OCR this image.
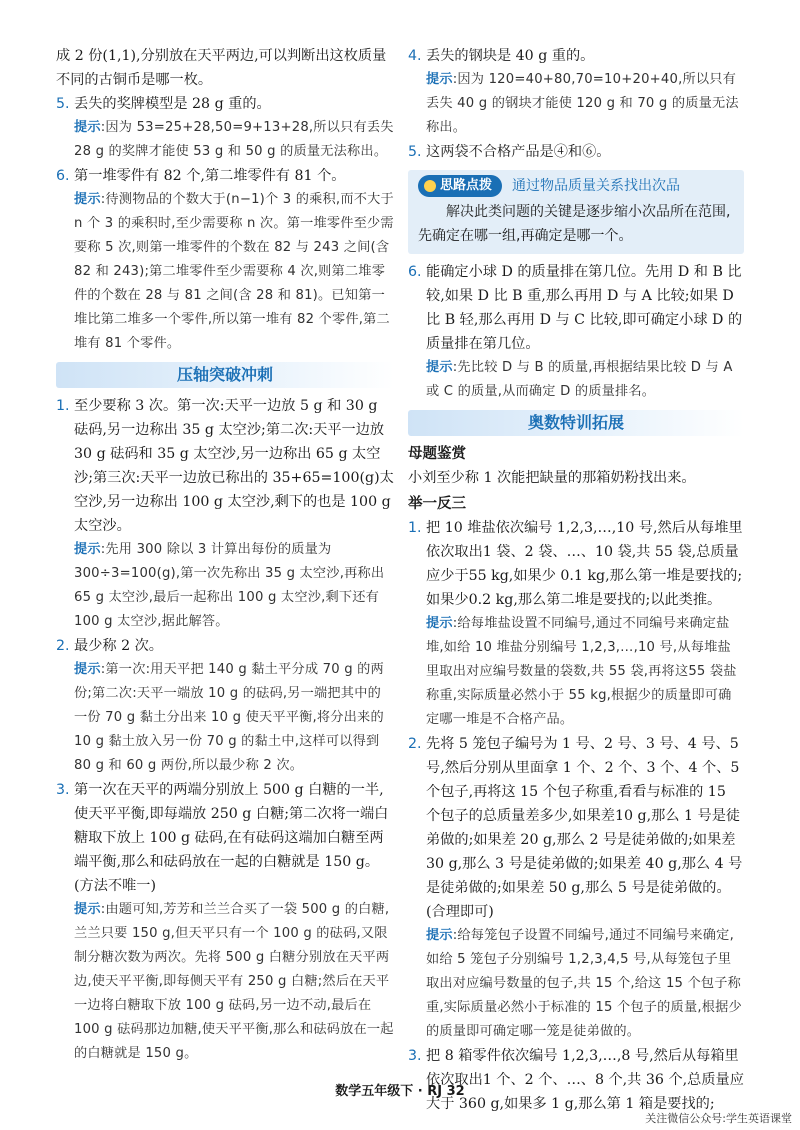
成 2 份(1,1),分别放在天平两边,可以判断出这枚质量不同的古铜币是哪一枚。

5. 丢失的奖牌模型是 28 g 重的。

提示:因为 53=25+28,50=9+13+28,所以只有丢失 28 g 的奖牌才能使 53 g 和 50 g 的质量无法称出。

6. 第一堆零件有 82 个,第二堆零件有 81 个。

提示:待测物品的个数大于(n−1)个 3 的乘积,而不大于 n 个 3 的乘积时,至少需要称 n 次。第一堆零件至少需要称 5 次,则第一堆零件的个数在 82 与 243 之间(含 82 和 243);第二堆零件至少需要称 4 次,则第二堆零件的个数在 28 与 81 之间(含 28 和 81)。已知第一堆比第二堆多一个零件,所以第一堆有 82 个零件,第二堆有 81 个零件。

压轴突破冲刺
1. 至少要称 3 次。第一次:天平一边放 5 g 和 30 g 砝码,另一边称出 35 g 太空沙;第二次:天平一边放 30 g 砝码和 35 g 太空沙,另一边称出 65 g 太空沙;第三次:天平一边放已称出的 35+65=100(g)太空沙,另一边称出 100 g 太空沙,剩下的也是 100 g 太空沙。

提示:先用 300 除以 3 计算出每份的质量为 300÷3=100(g),第一次先称出 35 g 太空沙,再称出 65 g 太空沙,最后一起称出 100 g 太空沙,剩下还有 100 g 太空沙,据此解答。

2. 最少称 2 次。

提示:第一次:用天平把 140 g 黏土平分成 70 g 的两份;第二次:天平一端放 10 g 的砝码,另一端把其中的一份 70 g 黏土分出来 10 g 使天平平衡,将分出来的 10 g 黏土放入另一份 70 g 的黏土中,这样可以得到 80 g 和 60 g 两份,所以最少称 2 次。

3. 第一次在天平的两端分别放上 500 g 白糖的一半,使天平平衡,即每端放 250 g 白糖;第二次将一端白糖取下放上 100 g 砝码,在有砝码这端加白糖至两端平衡,那么和砝码放在一起的白糖就是 150 g。(方法不唯一)

提示:由题可知,芳芳和兰兰合买了一袋 500 g 的白糖,兰兰只要 150 g,但天平只有一个 100 g 的砝码,又限制分糖次数为两次。先将 500 g 白糖分别放在天平两边,使天平平衡,即每侧天平有 250 g 白糖;然后在天平一边将白糖取下放 100 g 砝码,另一边不动,最后在 100 g 砝码那边加糖,使天平平衡,那么和砝码放在一起的白糖就是 150 g。

4. 丢失的钢块是 40 g 重的。

提示:因为 120=40+80,70=10+20+40,所以只有丢失 40 g 的钢块才能使 120 g 和 70 g 的质量无法称出。

5. 这两袋不合格产品是④和⑥。
思路点拨 通过物品质量关系找出次品
解决此类问题的关键是逐步缩小次品所在范围,先确定在哪一组,再确定是哪一个。
6. 能确定小球 D 的质量排在第几位。先用 D 和 B 比较,如果 D 比 B 重,那么再用 D 与 A 比较;如果 D 比 B 轻,那么再用 D 与 C 比较,即可确定小球 D 的质量排在第几位。

提示:先比较 D 与 B 的质量,再根据结果比较 D 与 A 或 C 的质量,从而确定 D 的质量排名。

奥数特训拓展

母题鉴赏

小刘至少称 1 次能把缺量的那箱奶粉找出来。

举一反三

1. 把 10 堆盐依次编号 1,2,3,…,10 号,然后从每堆里依次取出1 袋、2 袋、…、10 袋,共 55 袋,总质量应少于55 kg,如果少 0.1 kg,那么第一堆是要找的;如果少0.2 kg,那么第二堆是要找的;以此类推。

提示:给每堆盐设置不同编号,通过不同编号来确定盐堆,如给 10 堆盐分别编号 1,2,3,…,10 号,从每堆盐里取出对应编号数量的袋数,共 55 袋,再将这55 袋盐称重,实际质量必然小于 55 kg,根据少的质量即可确定哪一堆是不合格产品。

2. 先将 5 笼包子编号为 1 号、2 号、3 号、4 号、5 号,然后分别从里面拿 1 个、2 个、3 个、4 个、5 个包子,再将这 15 个包子称重,看看与标准的 15 个包子的总质量差多少,如果差10 g,那么 1 号是徒弟做的;如果差 20 g,那么 2 号是徒弟做的;如果差 30 g,那么 3 号是徒弟做的;如果差 40 g,那么 4 号是徒弟做的;如果差 50 g,那么 5 号是徒弟做的。(合理即可)

提示:给每笼包子设置不同编号,通过不同编号来确定,如给 5 笼包子分别编号 1,2,3,4,5 号,从每笼包子里取出对应编号数量的包子,共 15 个,给这 15 个包子称重,实际质量必然小于标准的 15 个包子的质量,根据少的质量即可确定哪一笼是徒弟做的。

3. 把 8 箱零件依次编号 1,2,3,…,8 号,然后从每箱里依次取出1 个、2 个、…、8 个,共 36 个,总质量应大于 360 g,如果多 1 g,那么第 1 箱是要找的;
数学五年级下 · RJ 32
关注微信公众号:学生英语课堂
